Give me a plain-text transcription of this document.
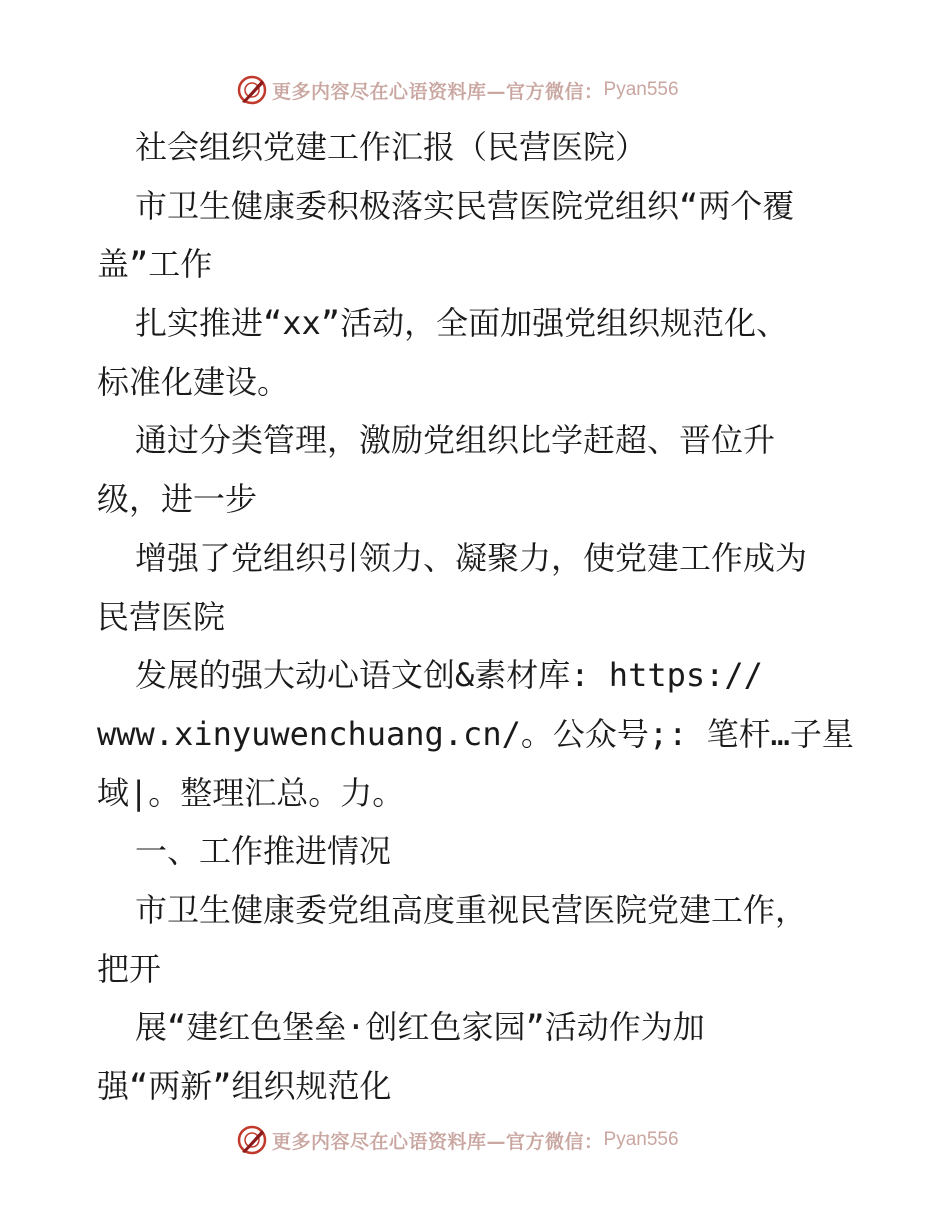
更多内容尽在心语资料库—官方微信： Pyan556
社会组织党建工作汇报（民营医院）
市卫生健康委积极落实民营医院党组织“两个覆
盖”工作
扎实推进“xx”活动，全面加强党组织规范化、
标准化建设。
通过分类管理，激励党组织比学赶超、晋位升
级，进一步
增强了党组织引领力、凝聚力，使党建工作成为
民营医院
发展的强大动心语文创&素材库: https://
www.xinyuwenchuang.cn/。公众号;: 笔杆…子星
域|。整理汇总。力。
一、工作推进情况
市卫生健康委党组高度重视民营医院党建工作，
把开
展“建红色堡垒·创红色家园”活动作为加
强“两新”组织规范化
更多内容尽在心语资料库—官方微信： Pyan556
